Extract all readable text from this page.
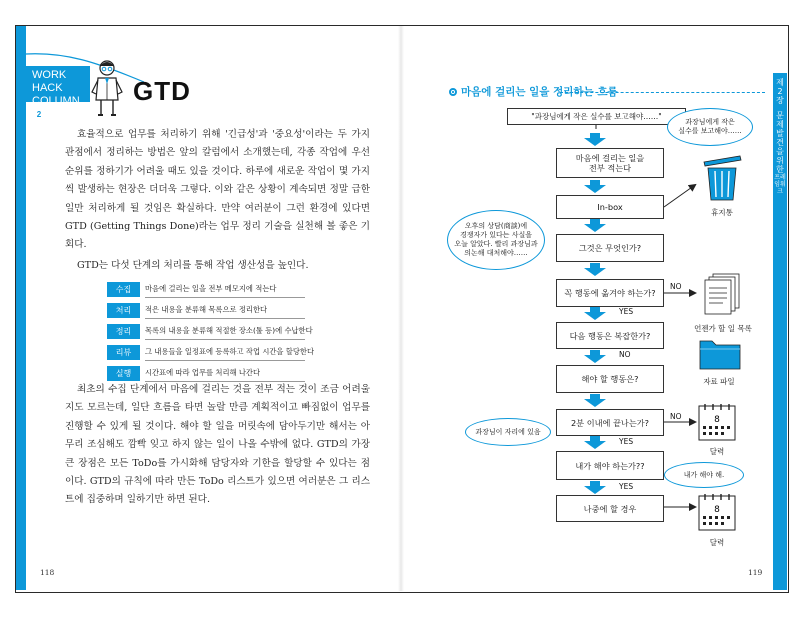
제
2
장
문제
발견을
위한
프레임워크
WORK HACK
COLUMN2
GTD

효율적으로 업무를 처리하기 위해 '긴급성'과 '중요성'이라는 두 가지 관점에서 정리하는 방법은 앞의 칼럼에서 소개했는데, 각종 작업에 우선순위를 정하기가 어려울 때도 있을 것이다. 하루에 새로운 작업이 몇 가지씩 발생하는 현장은 더더욱 그렇다. 이와 같은 상황이 계속되면 정말 급한 일만 처리하게 될 것임은 확실하다. 만약 여러분이 그런 환경에 있다면 GTD (Getting Things Done)라는 업무 정리 기술을 실천해 볼 좋은 기회다.

GTD는 다섯 단계의 처리를 통해 작업 생산성을 높인다.

수집	마음에 걸리는 일을 전부 메모지에 적는다
처리	적은 내용을 분류해 목록으로 정리한다
정리	목록의 내용을 분류해 적절한 장소(툴 등)에 수납한다
리뷰	그 내용들을 일정표에 등록하고 작업 시간을 할당한다
실행	시간표에 따라 업무를 처리해 나간다

최초의 수집 단계에서 마음에 걸리는 것을 전부 적는 것이 조금 어려울지도 모르는데, 일단 흐름을 타면 놀랄 만큼 계획적이고 빠짐없이 업무를 진행할 수 있게 될 것이다. 해야 할 일을 머릿속에 담아두기만 해서는 아무리 조심해도 깜빡 잊고 하지 않는 일이 나올 수밖에 없다. GTD의 가장 큰 장점은 모든 ToDo를 가시화해 담당자와 기한을 할당할 수 있다는 점이다. GTD의 규칙에 따라 만든 ToDo 리스트가 있으면 여러분은 그 리스트에 집중하며 일하기만 하면 된다.

118	119
마음에 걸리는 일을 정리하는 흐름
"과장님에게 작은 실수를 보고해야……"
마음에 걸리는 일을
전부 적는다
In-box
그것은 무엇인가?
꼭 행동에 옮겨야 하는가?
다음 행동은 복잡한가?
해야 할 행동은?
2분 이내에 끝나는가?
내가 해야 하는가??
나중에 할 경우
YES
NO
YES
YES
NO
NO
과장님에게 작은
실수를 보고해야……
오후의 상담(商談)에
경쟁자가 있다는 사실을
오늘 알았다. 빨리 과장님과
의논해 대처해야……
과장님이 자리에 있음
내가 해야 해.
휴지통
언젠가 할 일 목록
자료 파일
8
달력
8
달력
